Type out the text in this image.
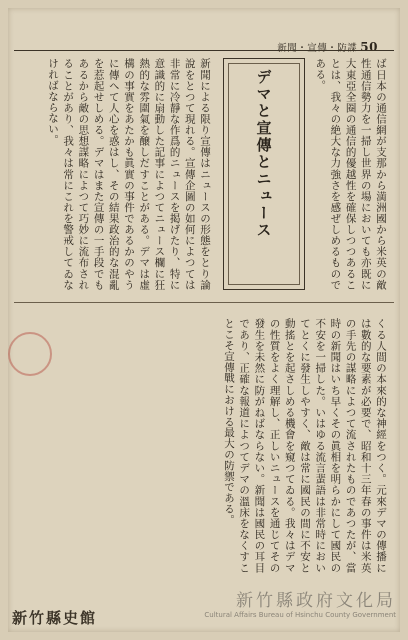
新聞・宣傳・防諜 50
ば日本の通信網が支那から満洲國から米英の敵性通信勢力を一掃し世界の場においても亦既に大東亞全圈の通信的優越性を確保しつつあることは、我々の絶大な力強さを感ぜしめるものである。
デマと宣傳とニュース
新聞による限り宣傳はニュースの形態をとり論說をとつて現れる。宣傳企圖の如何によつては非常に冷靜な作爲的ニュースを掲げたり、特に意識的に扇動した記事によつてニュース欄に狂熱的な雰圍氣を醸しだすことがある。デマは虛構の事實をあたかも眞實の事件であるかのやうに傳へて人心を惑はし、その結果政治的な混亂を惹起せしめる。デマはまた宣傳の一手段でもあるから敵の思想謀略によつて巧妙に流布されることがあり、我々は常にこれを警戒してゐなければならない。
くる人間の本來的な神經をつく。元來デマの傳播には數的な要素が必要で、昭和十三年春の事件は米英の手先の謀略によつて流されたものであつたが、當時の新聞はいち早くその眞相を明らかにして國民の不安を一掃した。いはゆる流言蜚語は非常時においてとくに發生しやすく、敵は常に國民の間に不安と動搖とを起さしめる機會を窺つてゐる。我々はデマの性質をよく理解し、正しいニュースを通じてその發生を未然に防がねばならない。新聞は國民の耳目であり、正確な報道によつてデマの溫床をなくすことこそ宣傳戰における最大の防禦である。
新竹縣史館
新竹縣政府文化局
Cultural Affairs Bureau of Hsinchu County Government
